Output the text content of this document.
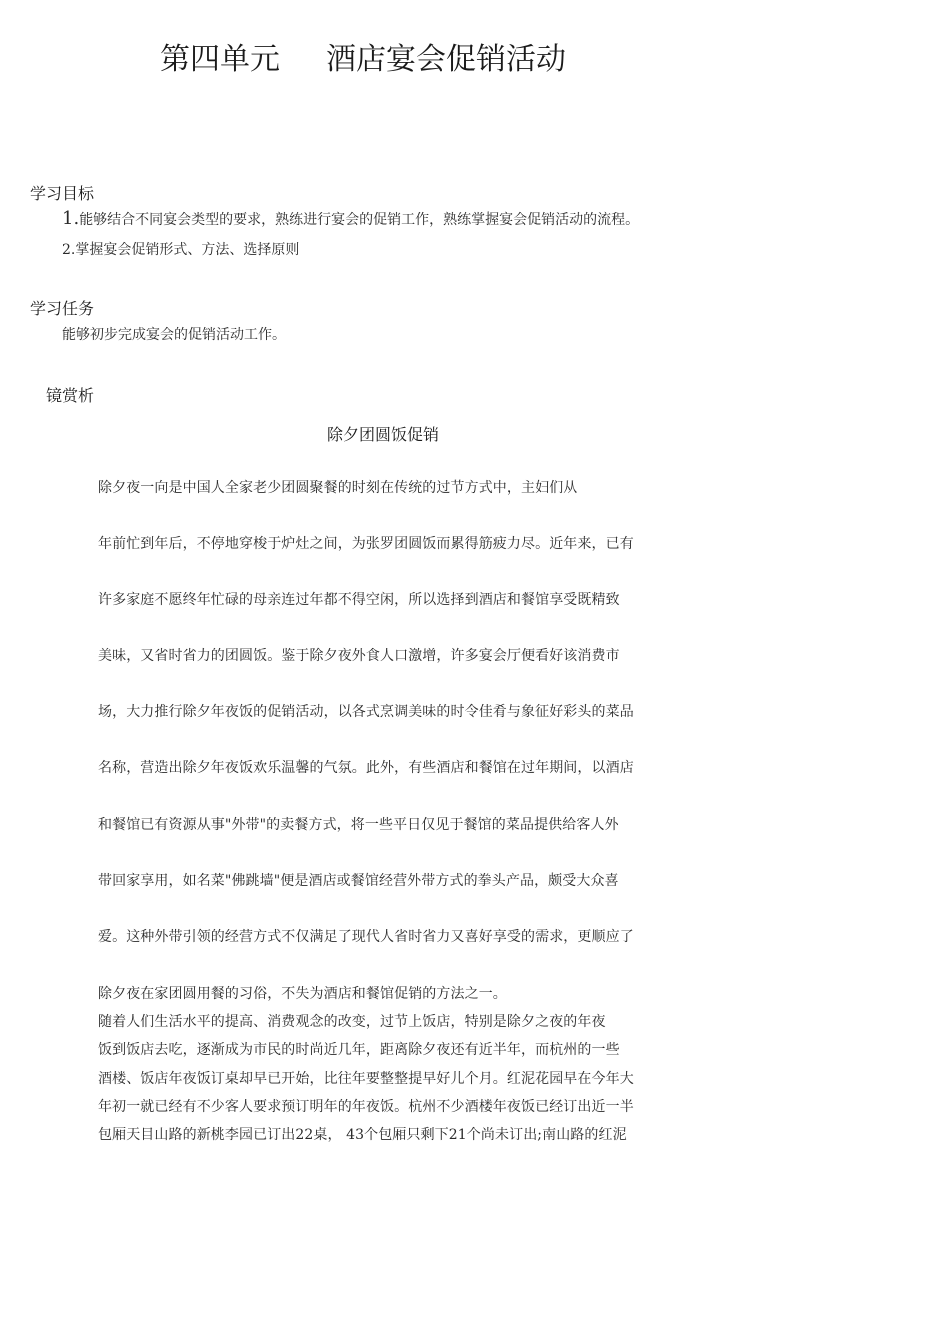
第四单元 酒店宴会促销活动
学习目标
1.能够结合不同宴会类型的要求，熟练进行宴会的促销工作，熟练掌握宴会促销活动的流程。
2.掌握宴会促销形式、方法、选择原则
学习任务
能够初步完成宴会的促销活动工作。
镜赏析
除夕团圆饭促销
除夕夜一向是中国人全家老少团圆聚餐的时刻在传统的过节方式中，主妇们从
年前忙到年后，不停地穿梭于炉灶之间，为张罗团圆饭而累得筋疲力尽。近年来，已有
许多家庭不愿终年忙碌的母亲连过年都不得空闲，所以选择到酒店和餐馆享受既精致
美味，又省时省力的团圆饭。鉴于除夕夜外食人口激增，许多宴会厅便看好该消费市
场，大力推行除夕年夜饭的促销活动，以各式烹调美味的时令佳肴与象征好彩头的菜品
名称，营造出除夕年夜饭欢乐温馨的气氛。此外，有些酒店和餐馆在过年期间，以酒店
和餐馆已有资源从事"外带"的卖餐方式，将一些平日仅见于餐馆的菜品提供给客人外
带回家享用，如名菜"佛跳墙"便是酒店或餐馆经营外带方式的拳头产品，颇受大众喜
爱。这种外带引领的经营方式不仅满足了现代人省时省力又喜好享受的需求，更顺应了
除夕夜在家团圆用餐的习俗，不失为酒店和餐馆促销的方法之一。
随着人们生活水平的提高、消费观念的改变，过节上饭店，特别是除夕之夜的年夜
饭到饭店去吃，逐渐成为市民的时尚近几年，距离除夕夜还有近半年，而杭州的一些
酒楼、饭店年夜饭订桌却早已开始，比往年要整整提早好儿个月。红泥花园早在今年大
年初一就已经有不少客人要求预订明年的年夜饭。杭州不少酒楼年夜饭已经订出近一半
包厢天目山路的新桃李园已订出22桌， 43个包厢只剩下21个尚未订出;南山路的红泥
